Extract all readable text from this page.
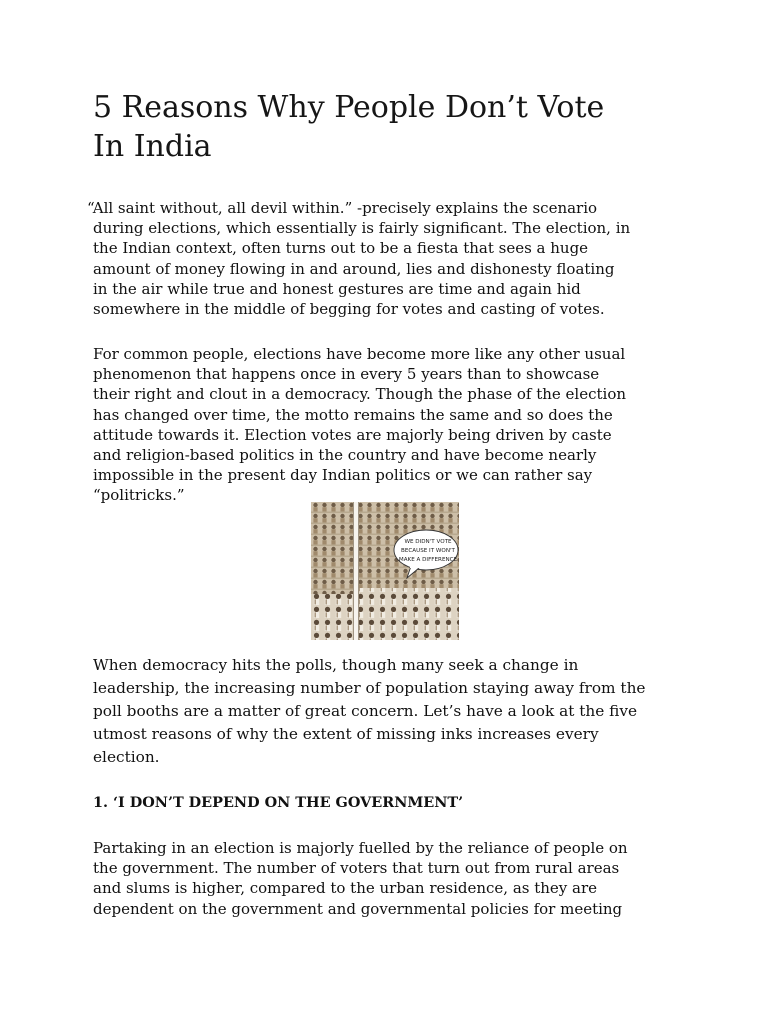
5 Reasons Why People Don’t Vote
In India

“All saint without, all devil within.” -precisely explains the scenario
during elections, which essentially is fairly significant. The election, in
the Indian context, often turns out to be a fiesta that sees a huge
amount of money flowing in and around, lies and dishonesty floating
in the air while true and honest gestures are time and again hid
somewhere in the middle of begging for votes and casting of votes.

For common people, elections have become more like any other usual
phenomenon that happens once in every 5 years than to showcase
their right and clout in a democracy. Though the phase of the election
has changed over time, the motto remains the same and so does the
attitude towards it. Election votes are majorly being driven by caste
and religion-based politics in the country and have become nearly
impossible in the present day Indian politics or we can rather say
“politricks.”

WE DIDN'T VOTE
BECAUSE IT WON'T
MAKE A DIFFERENCE

When democracy hits the polls, though many seek a change in
leadership, the increasing number of population staying away from the
poll booths are a matter of great concern. Let’s have a look at the five
utmost reasons of why the extent of missing inks increases every
election.

1. ‘I DON’T DEPEND ON THE GOVERNMENT’

Partaking in an election is majorly fuelled by the reliance of people on
the government. The number of voters that turn out from rural areas
and slums is higher, compared to the urban residence, as they are
dependent on the government and governmental policies for meeting
